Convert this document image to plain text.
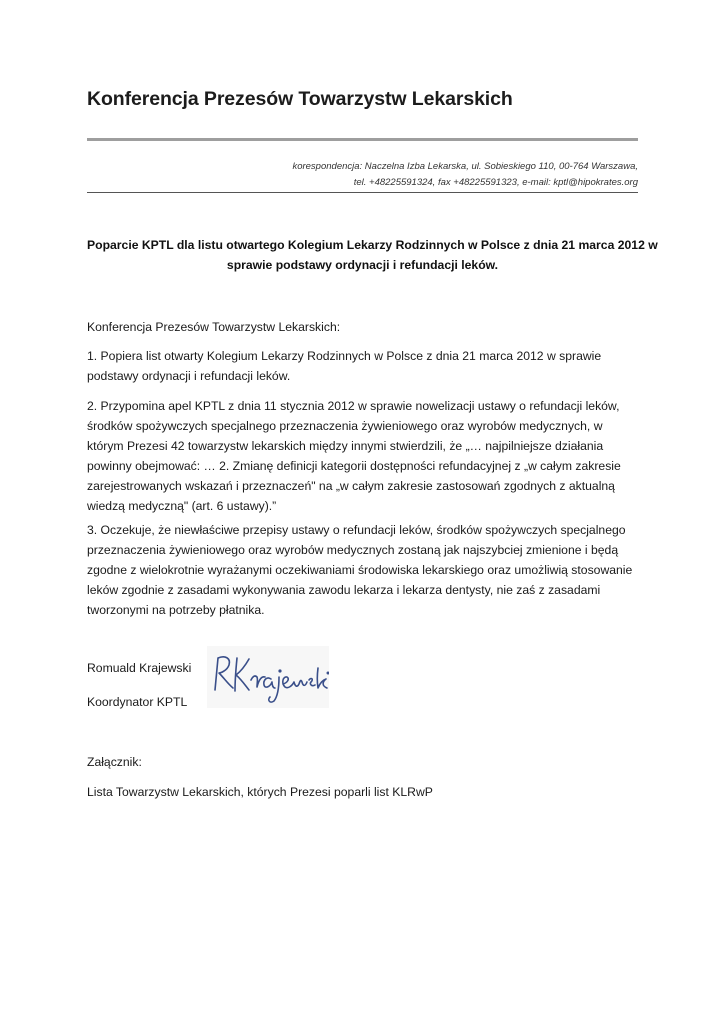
Konferencja Prezesów Towarzystw Lekarskich
korespondencja: Naczelna Izba Lekarska, ul. Sobieskiego 110, 00-764 Warszawa,
tel. +48225591324, fax +48225591323, e-mail: kptl@hipokrates.org
Poparcie KPTL dla listu otwartego Kolegium Lekarzy Rodzinnych w Polsce z dnia 21 marca 2012 w
sprawie podstawy ordynacji i refundacji leków.
Konferencja Prezesów Towarzystw Lekarskich:
1. Popiera list otwarty Kolegium Lekarzy Rodzinnych w Polsce z dnia 21 marca 2012 w sprawie
podstawy ordynacji i refundacji leków.
2. Przypomina apel KPTL z dnia 11 stycznia 2012 w sprawie nowelizacji ustawy o refundacji leków,
środków spożywczych specjalnego przeznaczenia żywieniowego oraz wyrobów medycznych, w
którym Prezesi 42 towarzystw lekarskich między innymi stwierdzili, że „… najpilniejsze działania
powinny obejmować: … 2. Zmianę definicji kategorii dostępności refundacyjnej z „w całym zakresie
zarejestrowanych wskazań i przeznaczeń" na „w całym zakresie zastosowań zgodnych z aktualną
wiedzą medyczną" (art. 6 ustawy).”
3. Oczekuje, że niewłaściwe przepisy ustawy o refundacji leków, środków spożywczych specjalnego
przeznaczenia żywieniowego oraz wyrobów medycznych zostaną jak najszybciej zmienione i będą
zgodne z wielokrotnie wyrażanymi oczekiwaniami środowiska lekarskiego oraz umożliwią stosowanie
leków zgodnie z zasadami wykonywania zawodu lekarza i lekarza dentysty, nie zaś z zasadami
tworzonymi na potrzeby płatnika.
Romuald Krajewski
Koordynator KPTL
Załącznik:
Lista Towarzystw Lekarskich, których Prezesi poparli list KLRwP
